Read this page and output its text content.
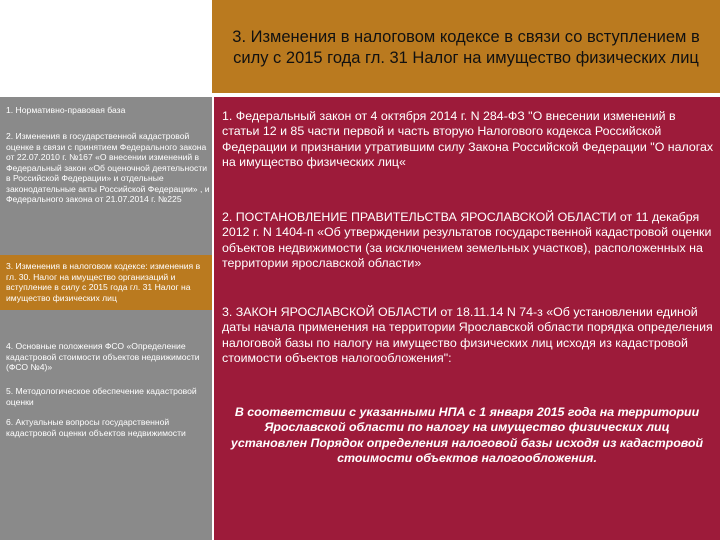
3. Изменения в налоговом кодексе в связи со вступлением в силу с 2015 года гл. 31 Налог на имущество физических лиц

1. Нормативно-правовая база

2. Изменения в государственной кадастровой оценке в связи с принятием Федерального закона от 22.07.2010 г. №167 «О внесении изменений в Федеральный закон «Об оценочной деятельности в Российской Федерации» и отдельные законодательные акты Российской Федерации» , и Федерального закона от 21.07.2014 г. №225

3. Изменения в налоговом кодексе: изменения в гл. 30. Налог на имущество организаций и вступление в силу с 2015 года гл. 31 Налог на имущество физических лиц

4. Основные положения ФСО «Определение кадастровой стоимости объектов недвижимости (ФСО №4)»

5. Методологическое обеспечение кадастровой оценки

6. Актуальные вопросы государственной кадастровой оценки объектов недвижимости

1. Федеральный закон от 4 октября 2014 г. N 284-ФЗ "О внесении изменений в статьи 12 и 85 части первой и часть вторую Налогового кодекса Российской Федерации и признании утратившим силу Закона Российской Федерации "О налогах на имущество физических лиц«

2. ПОСТАНОВЛЕНИЕ ПРАВИТЕЛЬСТВА ЯРОСЛАВСКОЙ ОБЛАСТИ от 11 декабря 2012 г. N 1404-п «Об утверждении результатов государственной кадастровой оценки объектов недвижимости (за исключением земельных участков), расположенных на территории ярославской области»

3. ЗАКОН ЯРОСЛАВСКОЙ ОБЛАСТИ от 18.11.14 N 74-з «Об установлении единой даты начала применения на территории Ярославской области порядка определения налоговой базы по налогу на имущество физических лиц исходя из кадастровой стоимости объектов налогообложения":

В соответствии с указанными НПА с 1 января 2015 года на территории Ярославской области по налогу на имущество физических лиц установлен Порядок определения налоговой базы исходя из кадастровой стоимости объектов налогообложения.
